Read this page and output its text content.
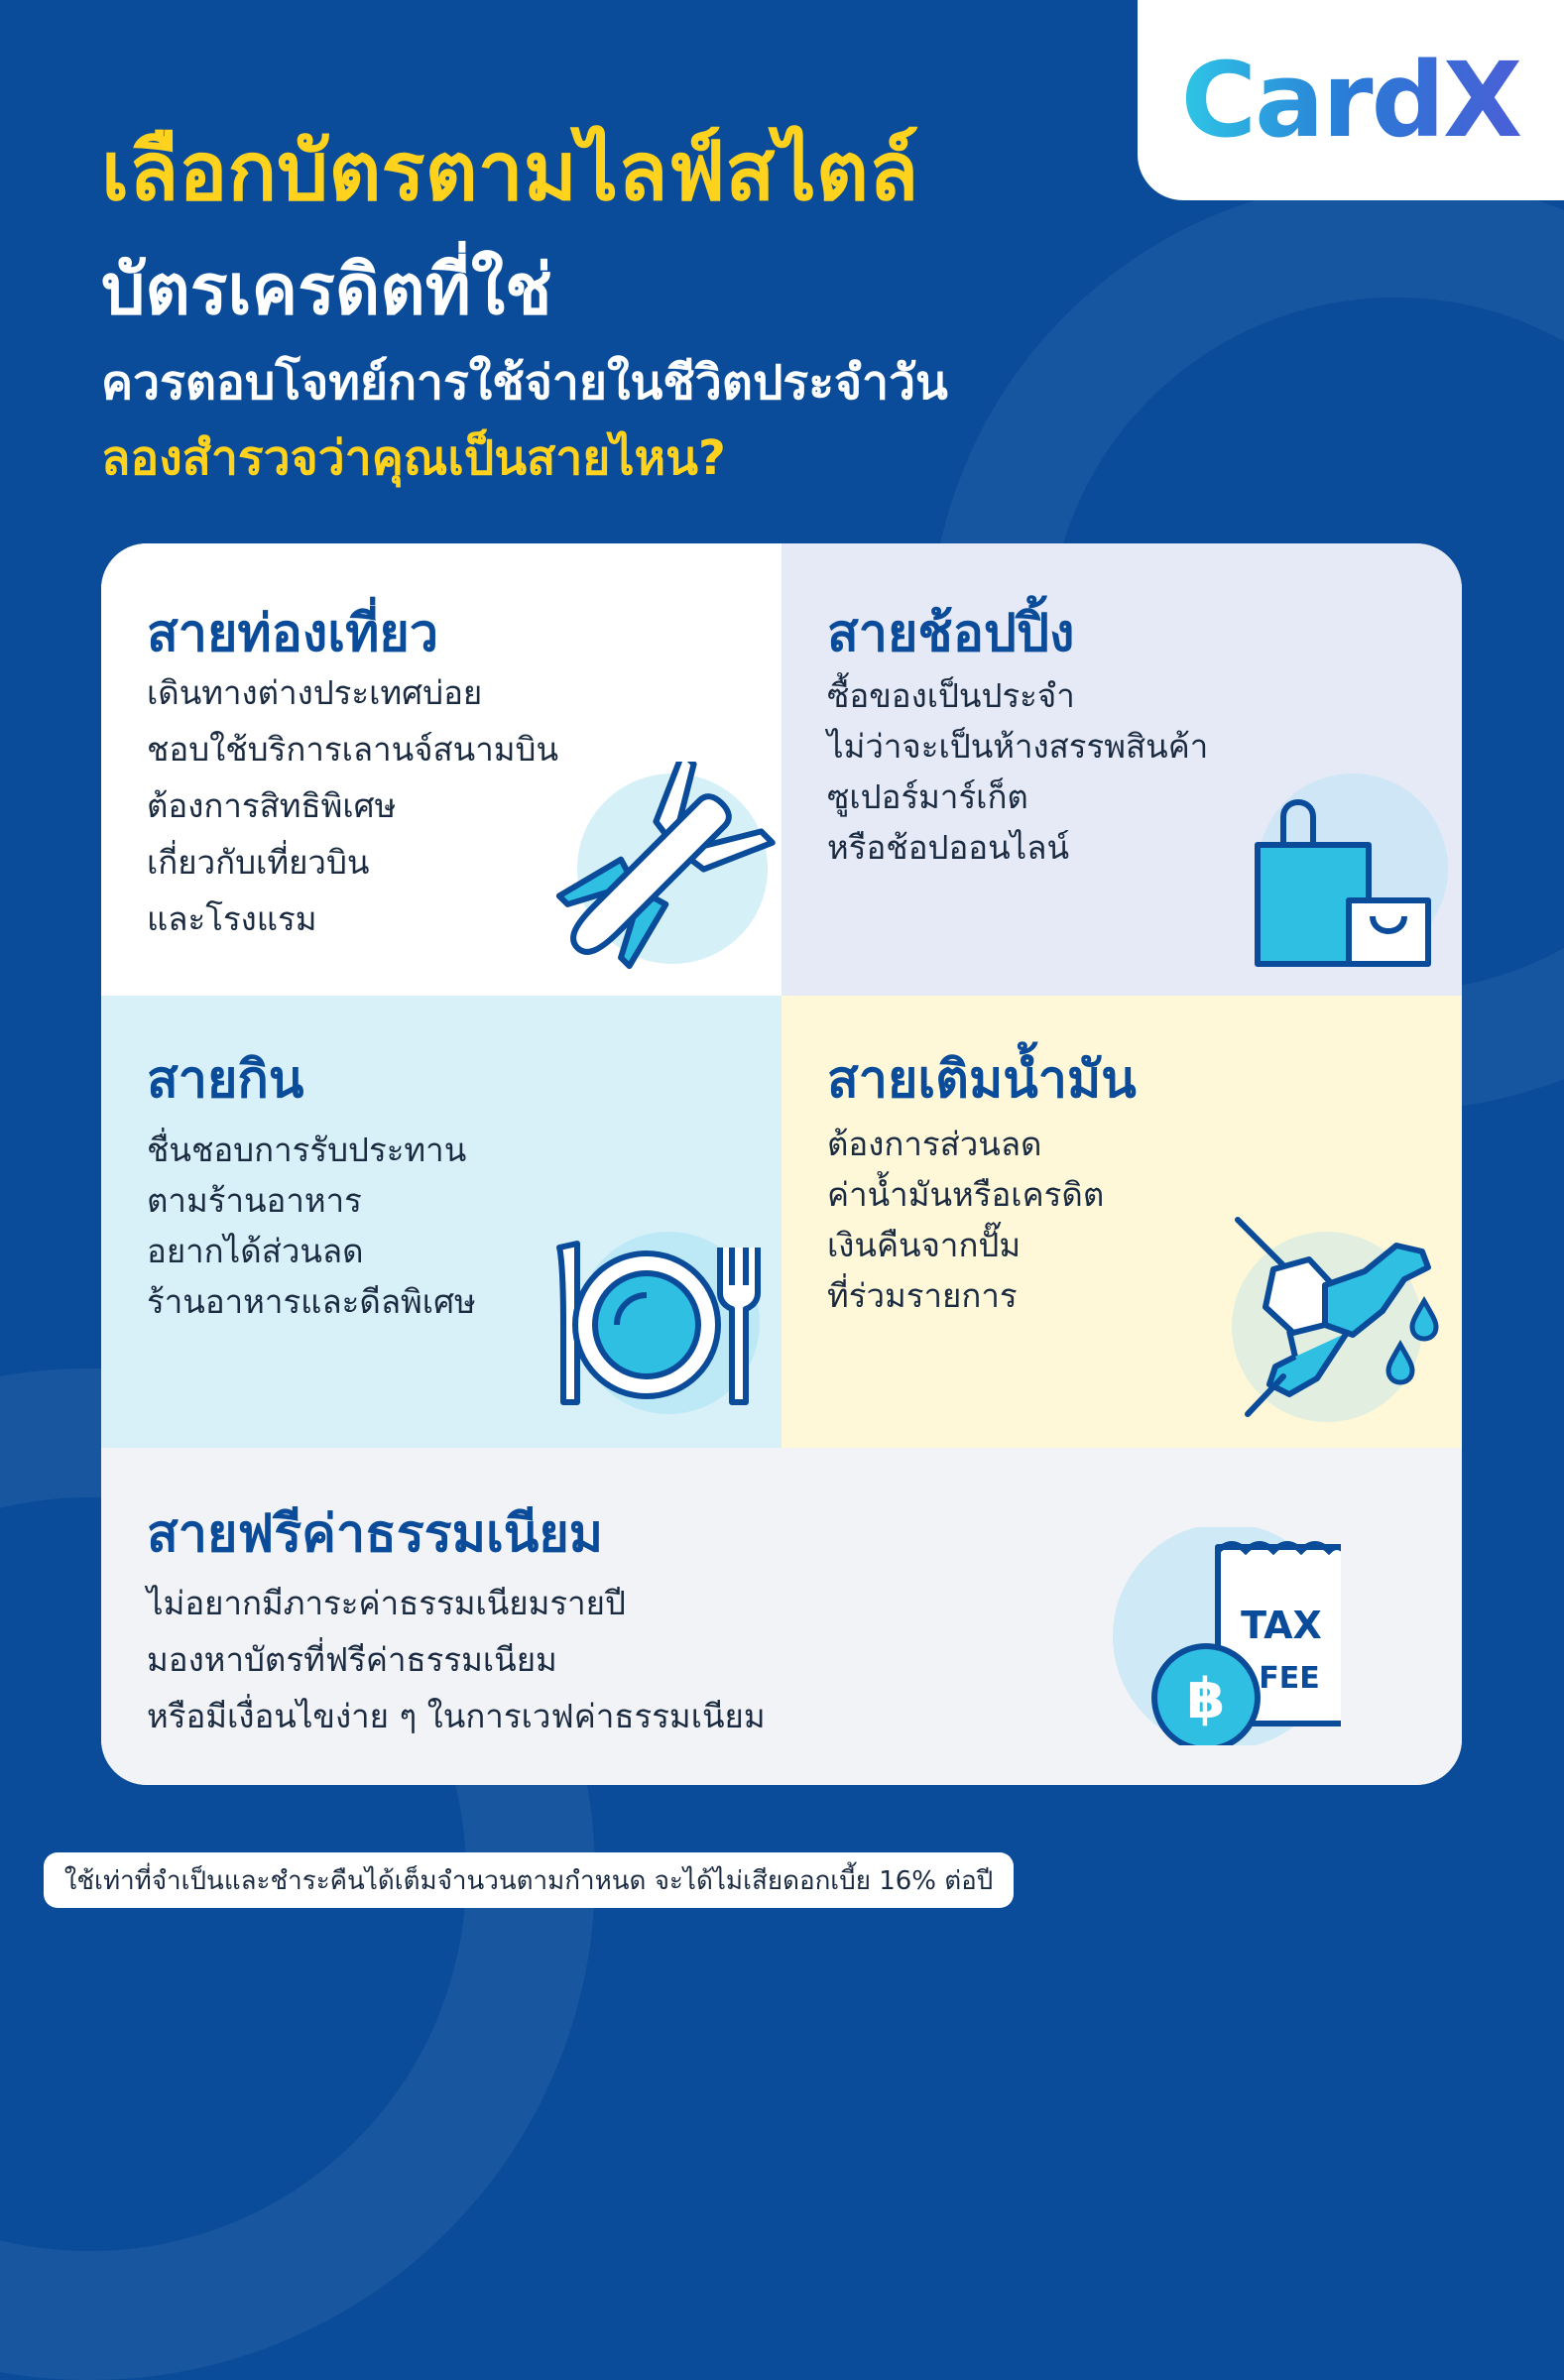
CardX
เลือกบัตรตามไลฟ์สไตล์
บัตรเครดิตที่ใช่
ควรตอบโจทย์การใช้จ่ายในชีวิตประจำวัน
ลองสำรวจว่าคุณเป็นสายไหน?
สายท่องเที่ยว
เดินทางต่างประเทศบ่อย
ชอบใช้บริการเลานจ์สนามบิน
ต้องการสิทธิพิเศษ
เกี่ยวกับเที่ยวบิน
และโรงแรม
สายช้อปปิ้ง
ซื้อของเป็นประจำ
ไม่ว่าจะเป็นห้างสรรพสินค้า
ซูเปอร์มาร์เก็ต
หรือช้อปออนไลน์
สายกิน
ชื่นชอบการรับประทาน
ตามร้านอาหาร
อยากได้ส่วนลด
ร้านอาหารและดีลพิเศษ
สายเติมน้ำมัน
ต้องการส่วนลด
ค่าน้ำมันหรือเครดิต
เงินคืนจากปั๊ม
ที่ร่วมรายการ
สายฟรีค่าธรรมเนียม
ไม่อยากมีภาระค่าธรรมเนียมรายปี
มองหาบัตรที่ฟรีค่าธรรมเนียม
หรือมีเงื่อนไขง่าย ๆ ในการเวฟค่าธรรมเนียม
TAX
FEE
฿
ใช้เท่าที่จำเป็นและชำระคืนได้เต็มจำนวนตามกำหนด จะได้ไม่เสียดอกเบี้ย 16% ต่อปี
